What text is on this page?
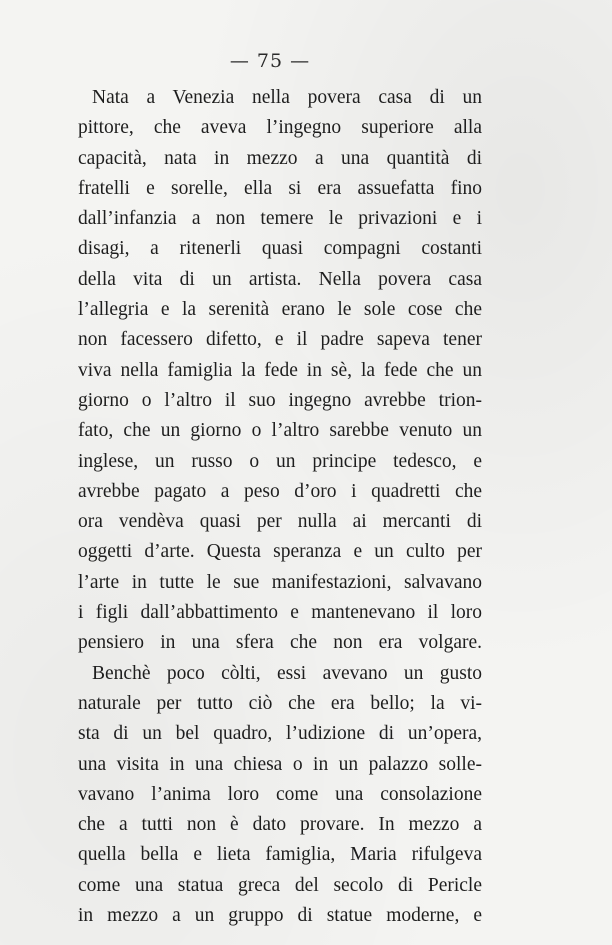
— 75 —
Nata a Venezia nella povera casa di un
pittore, che aveva l’ingegno superiore alla
capacità, nata in mezzo a una quantità di
fratelli e sorelle, ella si era assuefatta fino
dall’infanzia a non temere le privazioni e i
disagi, a ritenerli quasi compagni costanti
della vita di un artista. Nella povera casa
l’allegria e la serenità erano le sole cose che
non facessero difetto, e il padre sapeva tener
viva nella famiglia la fede in sè, la fede che un
giorno o l’altro il suo ingegno avrebbe trion-
fato, che un giorno o l’altro sarebbe venuto un
inglese, un russo o un principe tedesco, e
avrebbe pagato a peso d’oro i quadretti che
ora vendèva quasi per nulla ai mercanti di
oggetti d’arte. Questa speranza e un culto per
l’arte in tutte le sue manifestazioni, salvavano
i figli dall’abbattimento e mantenevano il loro
pensiero in una sfera che non era volgare.
Benchè poco còlti, essi avevano un gusto
naturale per tutto ciò che era bello; la vi-
sta di un bel quadro, l’udizione di un’opera,
una visita in una chiesa o in un palazzo solle-
vavano l’anima loro come una consolazione
che a tutti non è dato provare. In mezzo a
quella bella e lieta famiglia, Maria rifulgeva
come una statua greca del secolo di Pericle
in mezzo a un gruppo di statue moderne, e
